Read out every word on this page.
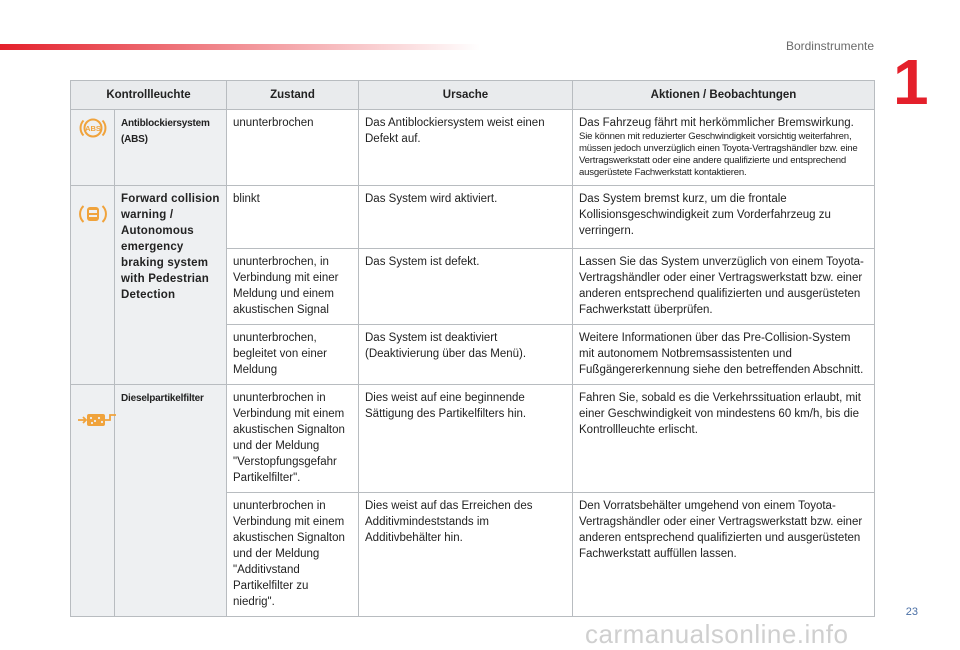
Bordinstrumente 1
Kontrollleuchte		Zustand	Ursache	Aktionen / Beobachtungen

ABS	Antiblockiersystem (ABS)	ununterbrochen	Das Antiblockiersystem weist einen Defekt auf.	Das Fahrzeug fährt mit herkömmlicher Bremswirkung.
Sie können mit reduzierter Geschwindigkeit vorsichtig weiterfahren, müssen jedoch unverzüglich einen Toyota-Vertragshändler bzw. eine Vertragswerkstatt oder eine andere qualifizierte und entsprechend ausgerüstete Fachwerkstatt kontaktieren.

	Forward collision warning / Autonomous emergency braking system with Pedestrian Detection	blinkt	Das System wird aktiviert.	Das System bremst kurz, um die frontale Kollisionsgeschwindigkeit zum Vorderfahrzeug zu verringern.
		ununterbrochen, in Verbindung mit einer Meldung und einem akustischen Signal	Das System ist defekt.	Lassen Sie das System unverzüglich von einem Toyota-Vertragshändler oder einer Vertragswerkstatt bzw. einer anderen entsprechend qualifizierten und ausgerüsteten Fachwerkstatt überprüfen.
		ununterbrochen, begleitet von einer Meldung	Das System ist deaktiviert (Deaktivierung über das Menü).	Weitere Informationen über das Pre-Collision-System mit autonomem Notbremsassistenten und Fußgängererkennung siehe den betreffenden Abschnitt.

	Dieselpartikelfilter	ununterbrochen in Verbindung mit einem akustischen Signalton und der Meldung "Verstopfungsgefahr Partikelfilter".	Dies weist auf eine beginnende Sättigung des Partikelfilters hin.	Fahren Sie, sobald es die Verkehrssituation erlaubt, mit einer Geschwindigkeit von mindestens 60 km/h, bis die Kontrollleuchte erlischt.
		ununterbrochen in Verbindung mit einem akustischen Signalton und der Meldung "Additivstand Partikelfilter zu niedrig".	Dies weist auf das Erreichen des Additivmindeststands im Additivbehälter hin.	Den Vorratsbehälter umgehend von einem Toyota-Vertragshändler oder einer Vertragswerkstatt bzw. einer anderen entsprechend qualifizierten und ausgerüsteten Fachwerkstatt auffüllen lassen.
23
carmanualsonline.info
